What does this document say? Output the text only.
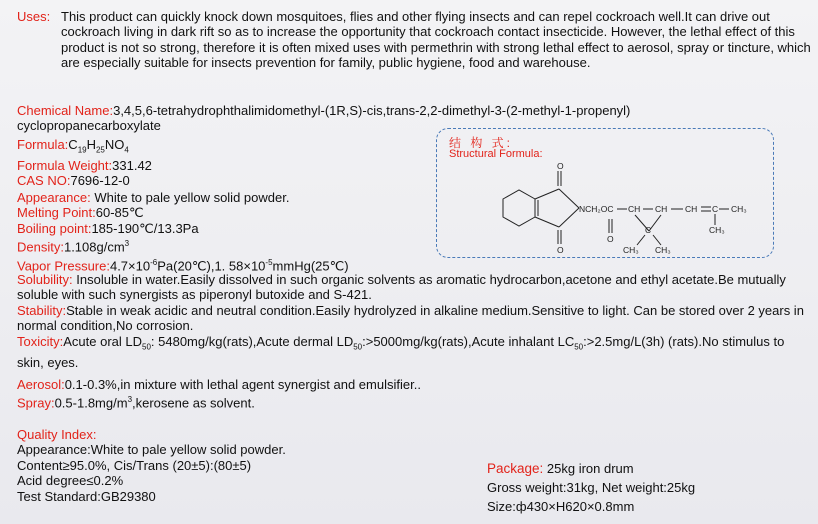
Uses: This product can quickly knock down mosquitoes, flies and other flying insects and can repel cockroach well.It can drive out cockroach living in dark rift so as to increase the opportunity that cockroach contact insecticide. However, the lethal effect of this product is not so strong, therefore it is often mixed uses with permethrin with strong lethal effect to aerosol, spray or tincture, which are especially suitable for insects prevention for family, public hygiene, food and warehouse.
Chemical Name:3,4,5,6-tetrahydrophthalimidomethyl-(1R,S)-cis,trans-2,2-dimethyl-3-(2-methyl-1-propenyl)
cyclopropanecarboxylate
$Formula:C_{19}H_{25}NO_4$
Formula Weight:331.42
CAS NO:7696-12-0
Appearance: White to pale yellow solid powder.
Melting Point:60-85℃
Boiling point:185-190℃/13.3Pa
$Density:1.108g/cm^3$
Vapor $Pressure:4.7\times 10^{-6}Pa(20℃),1$. $58\times 10^{-5}mmHg(25℃)$
Solubility: Insoluble in water.Easily dissolved in such organic solvents as aromatic hydrocarbon,acetone and ethyl acetate.Be mutually soluble with such synergists as piperonyl butoxide and S-421.
Stability:Stable in weak acidic and neutral condition.Easily hydrolyzed in alkaline medium.Sensitive to light. Can be stored over 2 years in normal condition,No corrosion.
Toxicity:Acute oral $LD_{50}$: 5480mg/kg(rats),Acute dermal $LD_{50}:>5000mg/kg(rats),Acute$ inhalant $LC_{50}:>2.5mg/L(3h)$ (rats).No stimulus to skin, eyes.
Aerosol:0.1-0.3%,in mixture with lethal agent synergist and emulsifier..
$Spray:0.5-1.8mg/m^3,kerosene$ as solvent.
Quality Index:
Appearance:White to pale yellow solid powder.
Content≥95.0%, Cis/Trans (20±5):(80±5)
Acid degree≤0.2%
Test Standard:GB29380
Package: 25kg iron drum
Gross weight:31kg, Net weight:25kg
Size:ф430×H620×0.8mm
结 构 式:
Structural Formula:
O
O
NCH₂OC
O
CH CH CH C CH₃
CH₃
C
CH₃ CH₃
